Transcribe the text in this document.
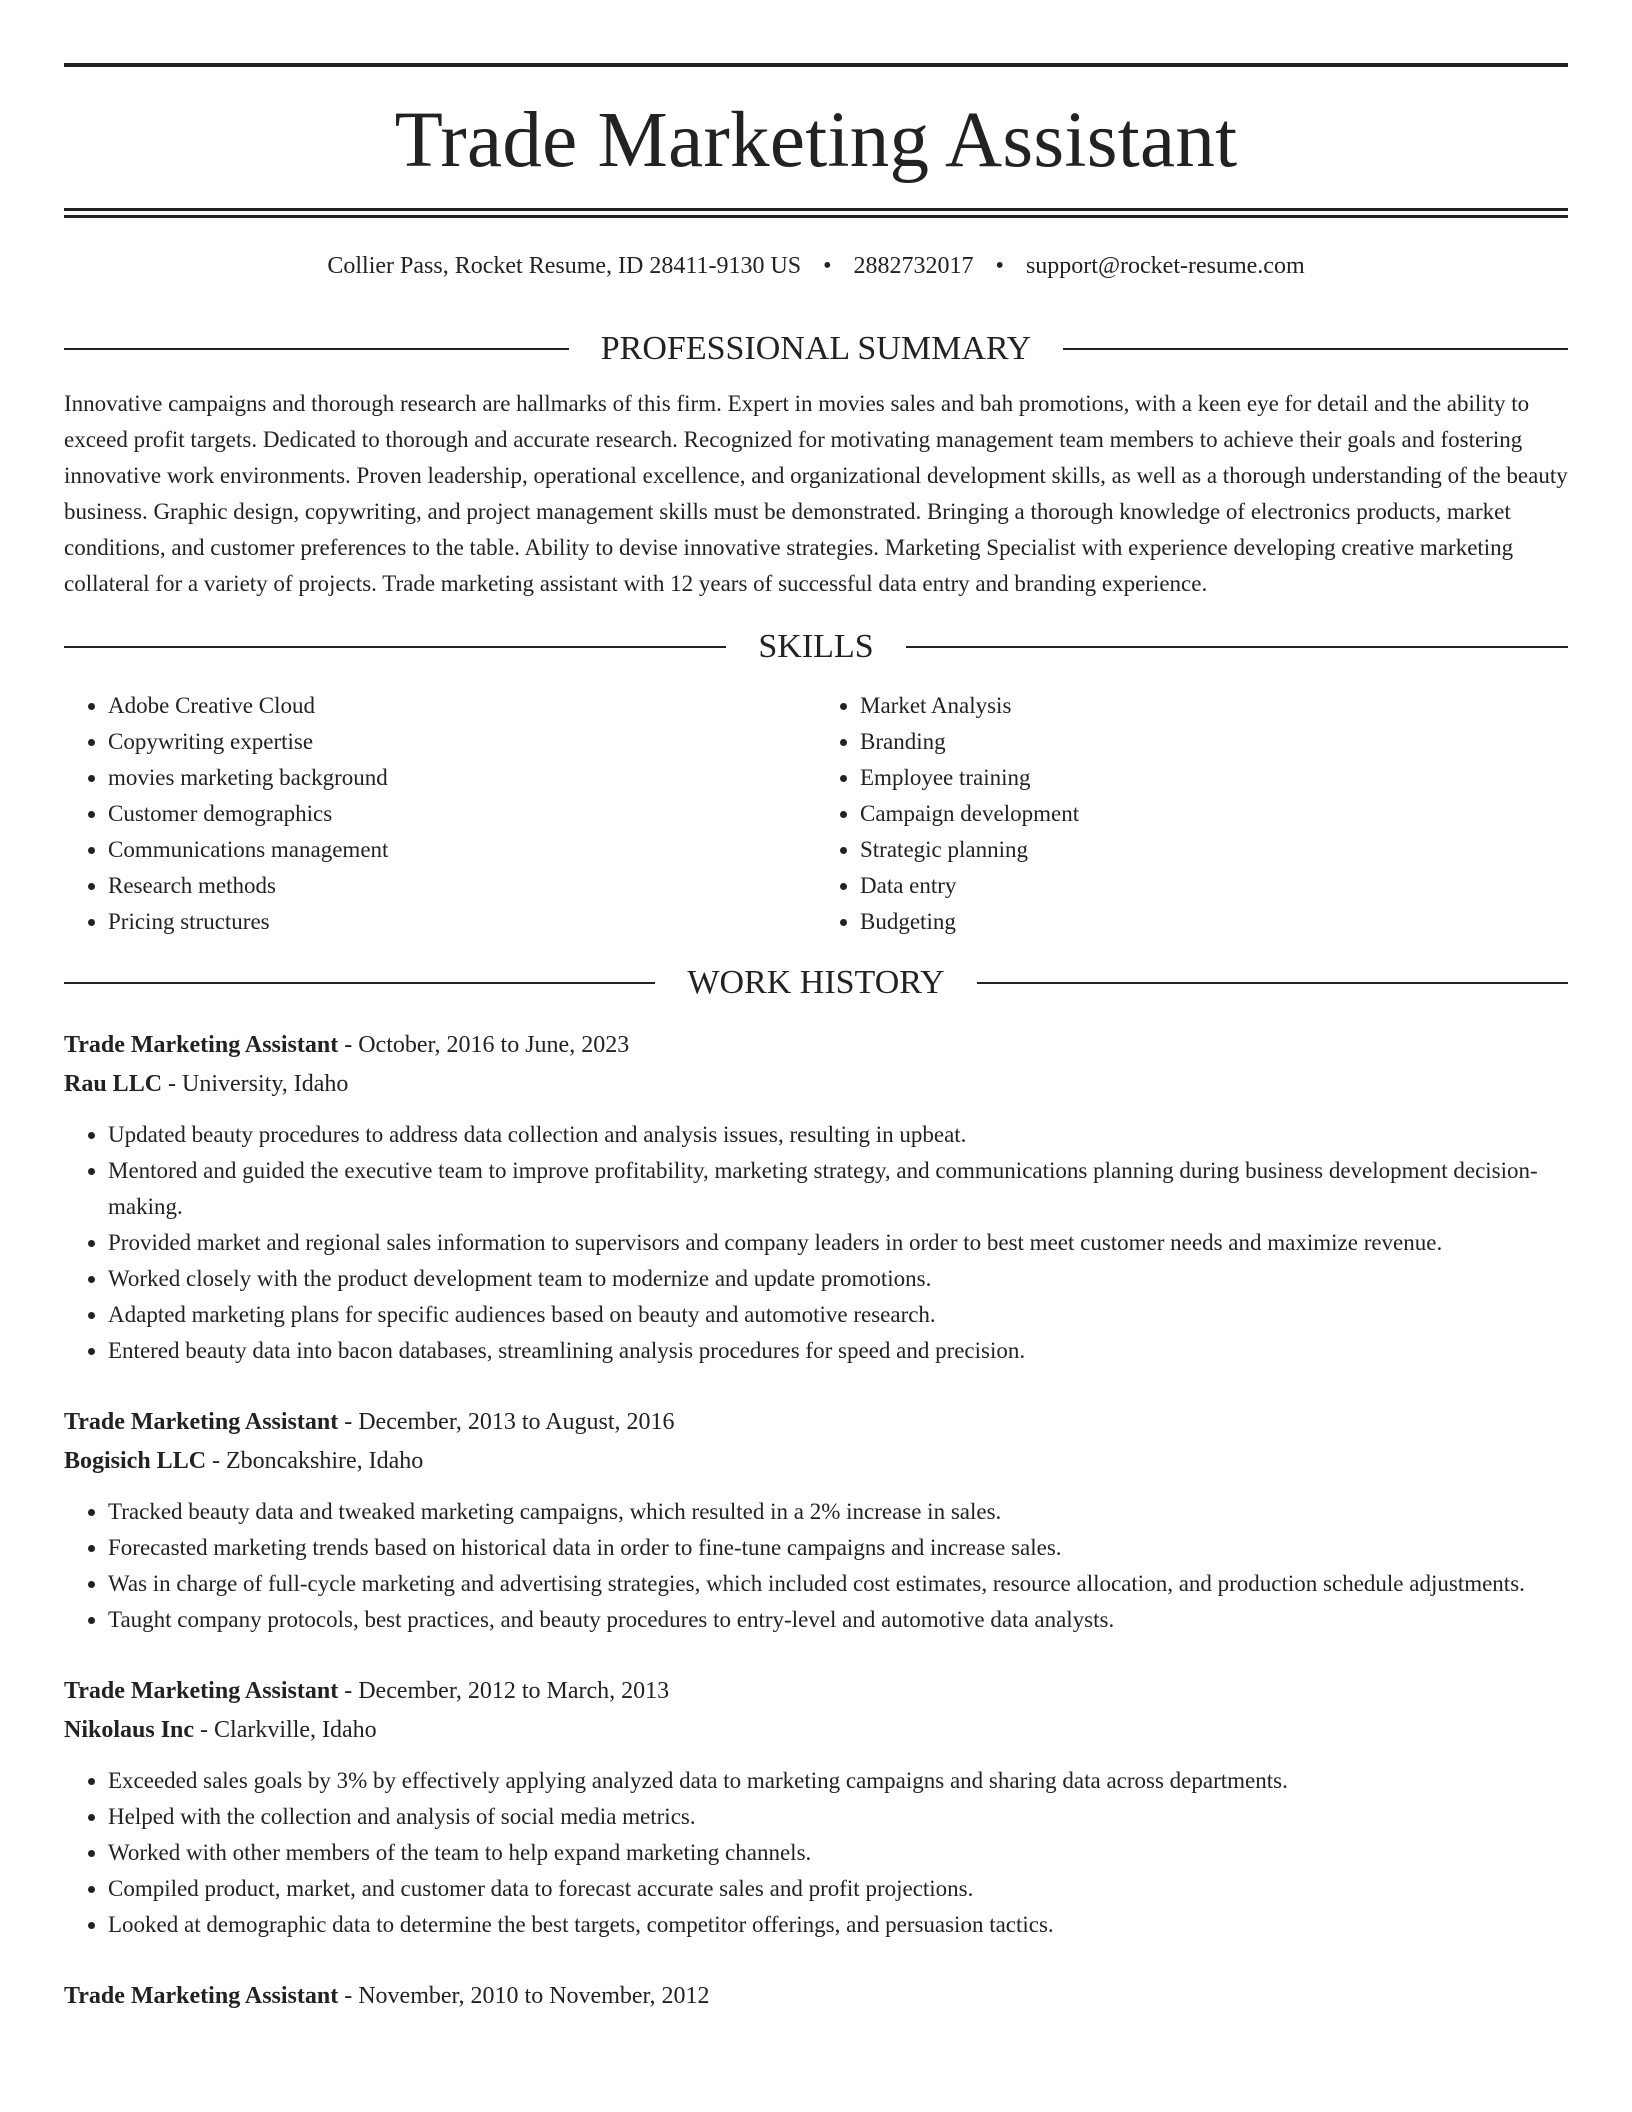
Trade Marketing Assistant
Collier Pass, Rocket Resume, ID 28411-9130 US • 2882732017 • support@rocket-resume.com
PROFESSIONAL SUMMARY

Innovative campaigns and thorough research are hallmarks of this firm. Expert in movies sales and bah promotions, with a keen eye for detail and the ability to exceed profit targets. Dedicated to thorough and accurate research. Recognized for motivating management team members to achieve their goals and fostering innovative work environments. Proven leadership, operational excellence, and organizational development skills, as well as a thorough understanding of the beauty business. Graphic design, copywriting, and project management skills must be demonstrated. Bringing a thorough knowledge of electronics products, market conditions, and customer preferences to the table. Ability to devise innovative strategies. Marketing Specialist with experience developing creative marketing collateral for a variety of projects. Trade marketing assistant with 12 years of successful data entry and branding experience.

SKILLS
• Adobe Creative Cloud
• Copywriting expertise
• movies marketing background
• Customer demographics
• Communications management
• Research methods
• Pricing structures
• Market Analysis
• Branding
• Employee training
• Campaign development
• Strategic planning
• Data entry
• Budgeting
WORK HISTORY
Trade Marketing Assistant - October, 2016 to June, 2023
Rau LLC - University, Idaho
• Updated beauty procedures to address data collection and analysis issues, resulting in upbeat.
• Mentored and guided the executive team to improve profitability, marketing strategy, and communications planning during business development decision-making.
• Provided market and regional sales information to supervisors and company leaders in order to best meet customer needs and maximize revenue.
• Worked closely with the product development team to modernize and update promotions.
• Adapted marketing plans for specific audiences based on beauty and automotive research.
• Entered beauty data into bacon databases, streamlining analysis procedures for speed and precision.
Trade Marketing Assistant - December, 2013 to August, 2016
Bogisich LLC - Zboncakshire, Idaho
• Tracked beauty data and tweaked marketing campaigns, which resulted in a 2% increase in sales.
• Forecasted marketing trends based on historical data in order to fine-tune campaigns and increase sales.
• Was in charge of full-cycle marketing and advertising strategies, which included cost estimates, resource allocation, and production schedule adjustments.
• Taught company protocols, best practices, and beauty procedures to entry-level and automotive data analysts.
Trade Marketing Assistant - December, 2012 to March, 2013
Nikolaus Inc - Clarkville, Idaho
• Exceeded sales goals by 3% by effectively applying analyzed data to marketing campaigns and sharing data across departments.
• Helped with the collection and analysis of social media metrics.
• Worked with other members of the team to help expand marketing channels.
• Compiled product, market, and customer data to forecast accurate sales and profit projections.
• Looked at demographic data to determine the best targets, competitor offerings, and persuasion tactics.
Trade Marketing Assistant - November, 2010 to November, 2012
